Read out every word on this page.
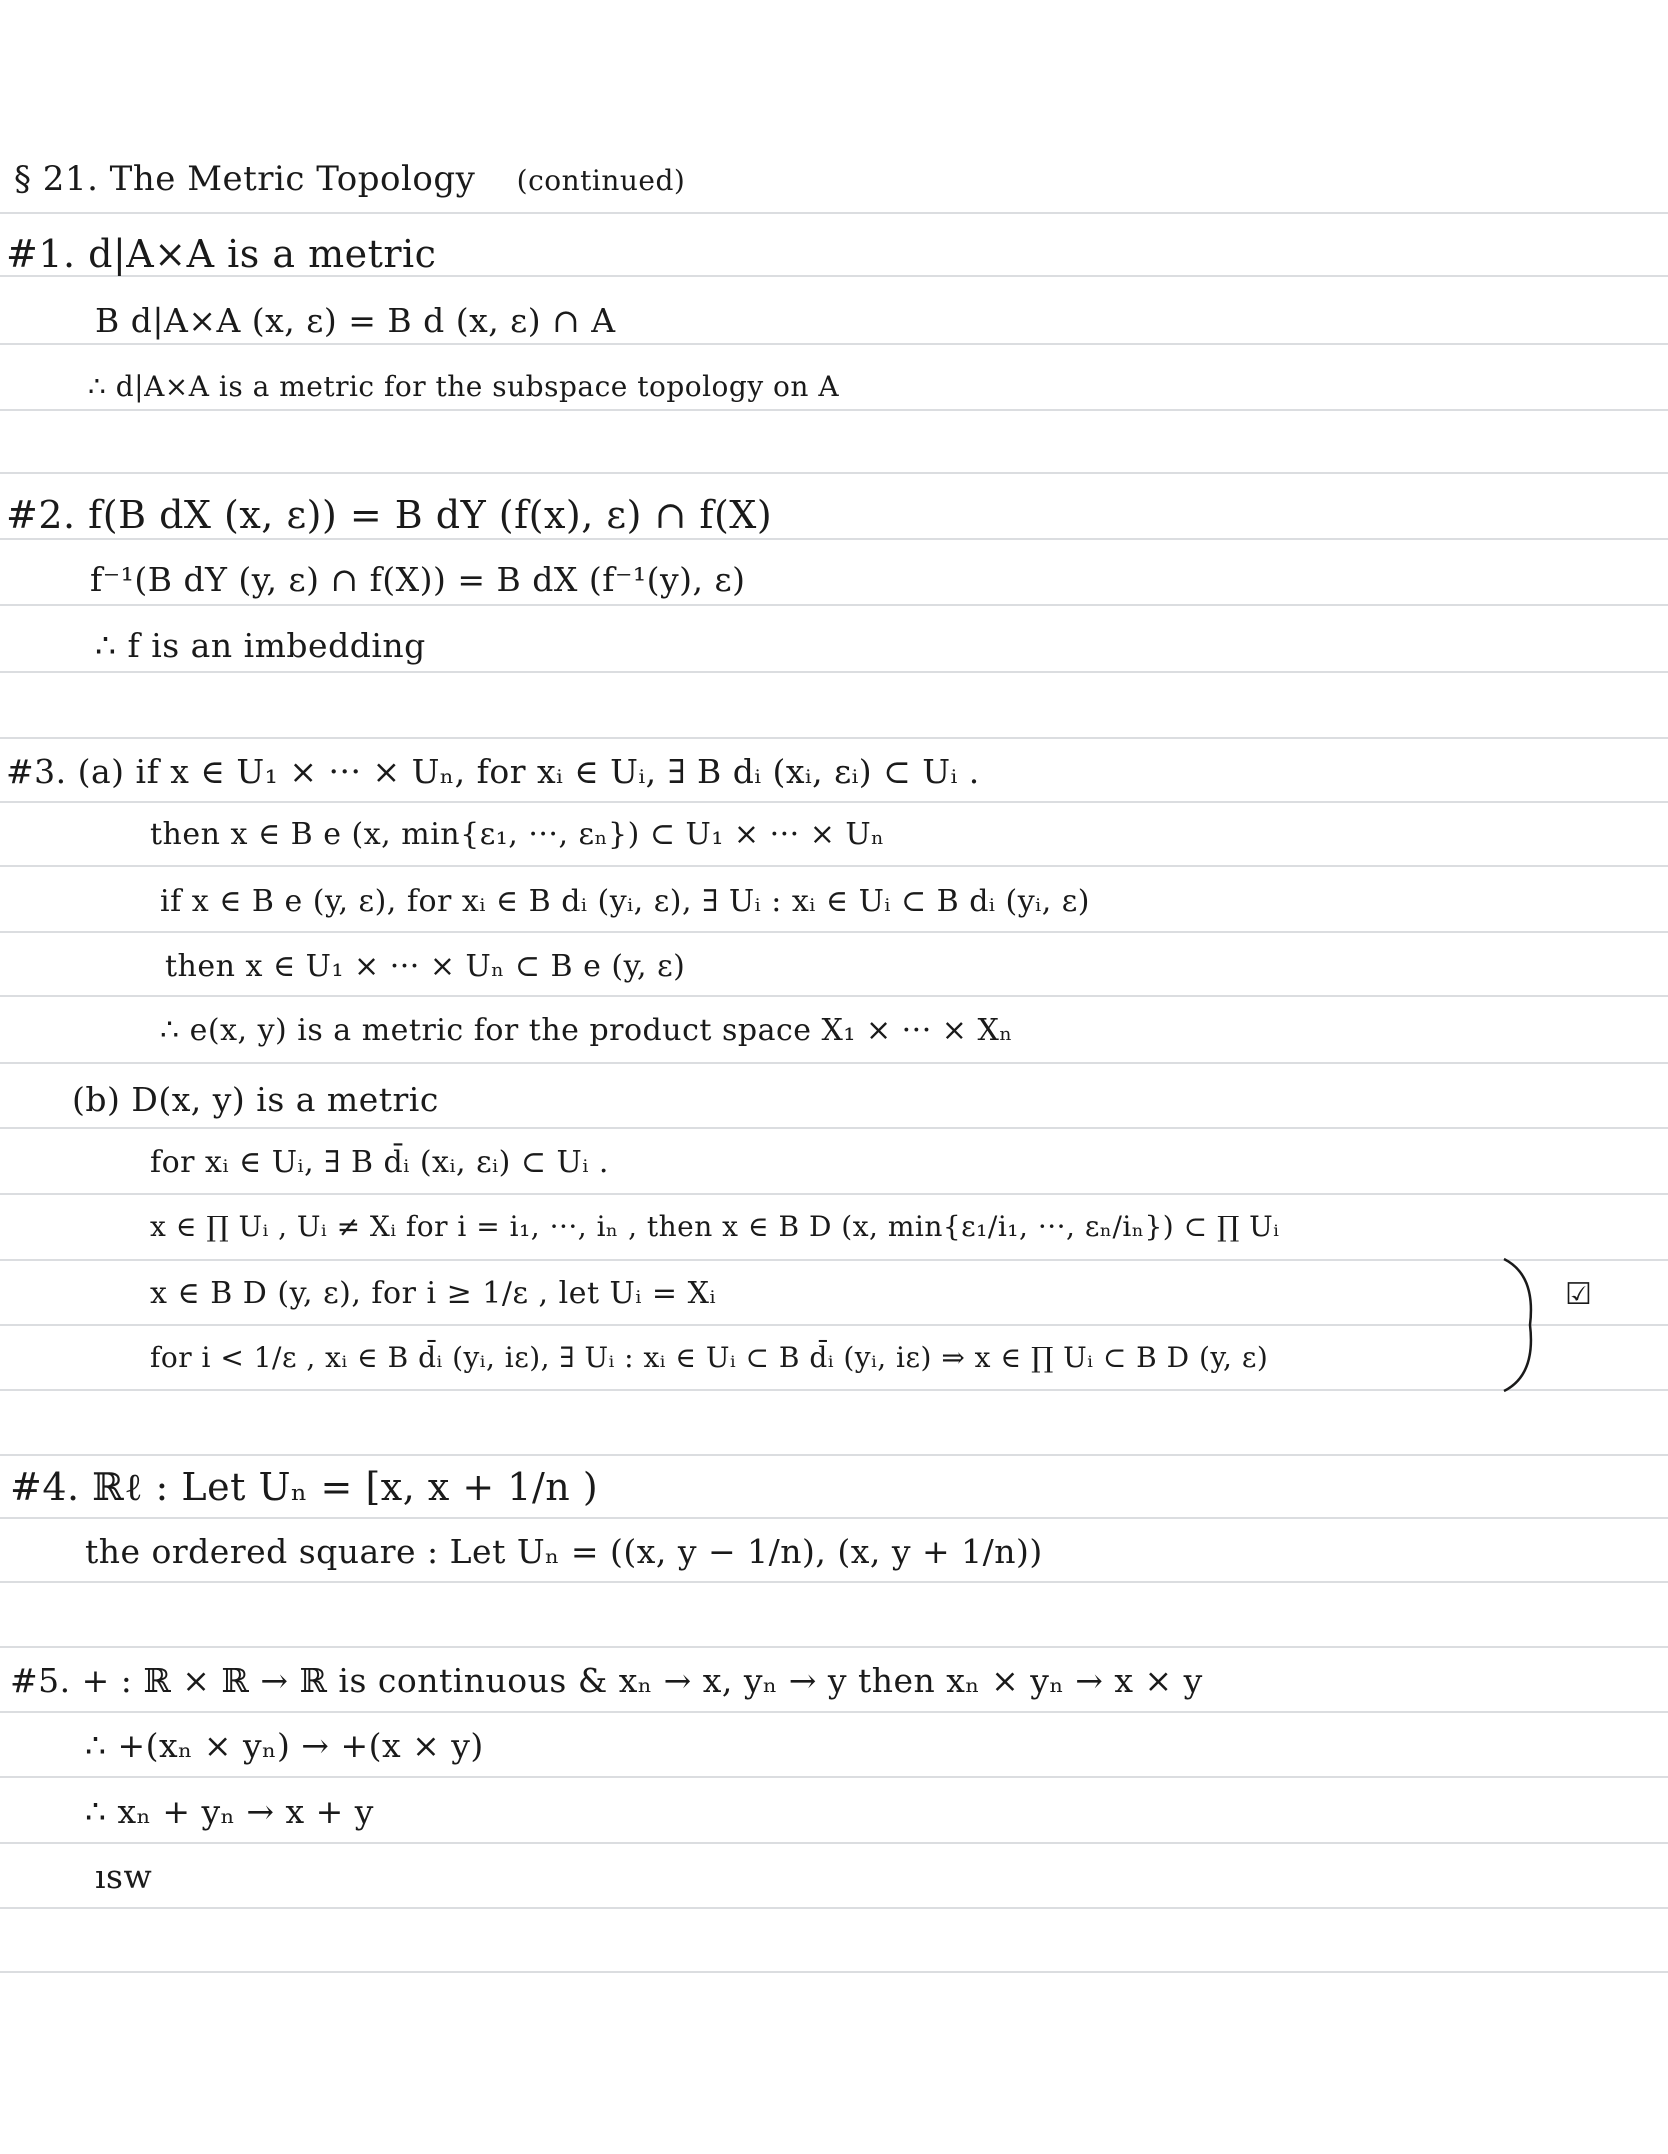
§ 21. The Metric Topology (continued)
#1. d|A×A is a metric
B d|A×A (x, ε) = B d (x, ε) ∩ A
∴ d|A×A is a metric for the subspace topology on A
#2. f(B dX (x, ε)) = B dY (f(x), ε) ∩ f(X)
f⁻¹(B dY (y, ε) ∩ f(X)) = B dX (f⁻¹(y), ε)
∴ f is an imbedding
#3. (a) if x ∈ U₁ × ··· × Uₙ, for xᵢ ∈ Uᵢ, ∃ B dᵢ (xᵢ, εᵢ) ⊂ Uᵢ .
then x ∈ B e (x, min{ε₁, ···, εₙ}) ⊂ U₁ × ··· × Uₙ
if x ∈ B e (y, ε), for xᵢ ∈ B dᵢ (yᵢ, ε), ∃ Uᵢ : xᵢ ∈ Uᵢ ⊂ B dᵢ (yᵢ, ε)
then x ∈ U₁ × ··· × Uₙ ⊂ B e (y, ε)
∴ e(x, y) is a metric for the product space X₁ × ··· × Xₙ
(b) D(x, y) is a metric
for xᵢ ∈ Uᵢ, ∃ B d̄ᵢ (xᵢ, εᵢ) ⊂ Uᵢ .
x ∈ ∏ Uᵢ , Uᵢ ≠ Xᵢ for i = i₁, ···, iₙ , then x ∈ B D (x, min{ε₁/i₁, ···, εₙ/iₙ}) ⊂ ∏ Uᵢ
x ∈ B D (y, ε), for i ≥ 1/ε , let Uᵢ = Xᵢ
for i < 1/ε , xᵢ ∈ B d̄ᵢ (yᵢ, iε), ∃ Uᵢ : xᵢ ∈ Uᵢ ⊂ B d̄ᵢ (yᵢ, iε) ⇒ x ∈ ∏ Uᵢ ⊂ B D (y, ε)
☑
#4. ℝℓ : Let Uₙ = [x, x + 1/n )
the ordered square : Let Uₙ = ((x, y − 1/n), (x, y + 1/n))
#5. + : ℝ × ℝ → ℝ is continuous & xₙ → x, yₙ → y then xₙ × yₙ → x × y
∴ +(xₙ × yₙ) → +(x × y)
∴ xₙ + yₙ → x + y
ısw
